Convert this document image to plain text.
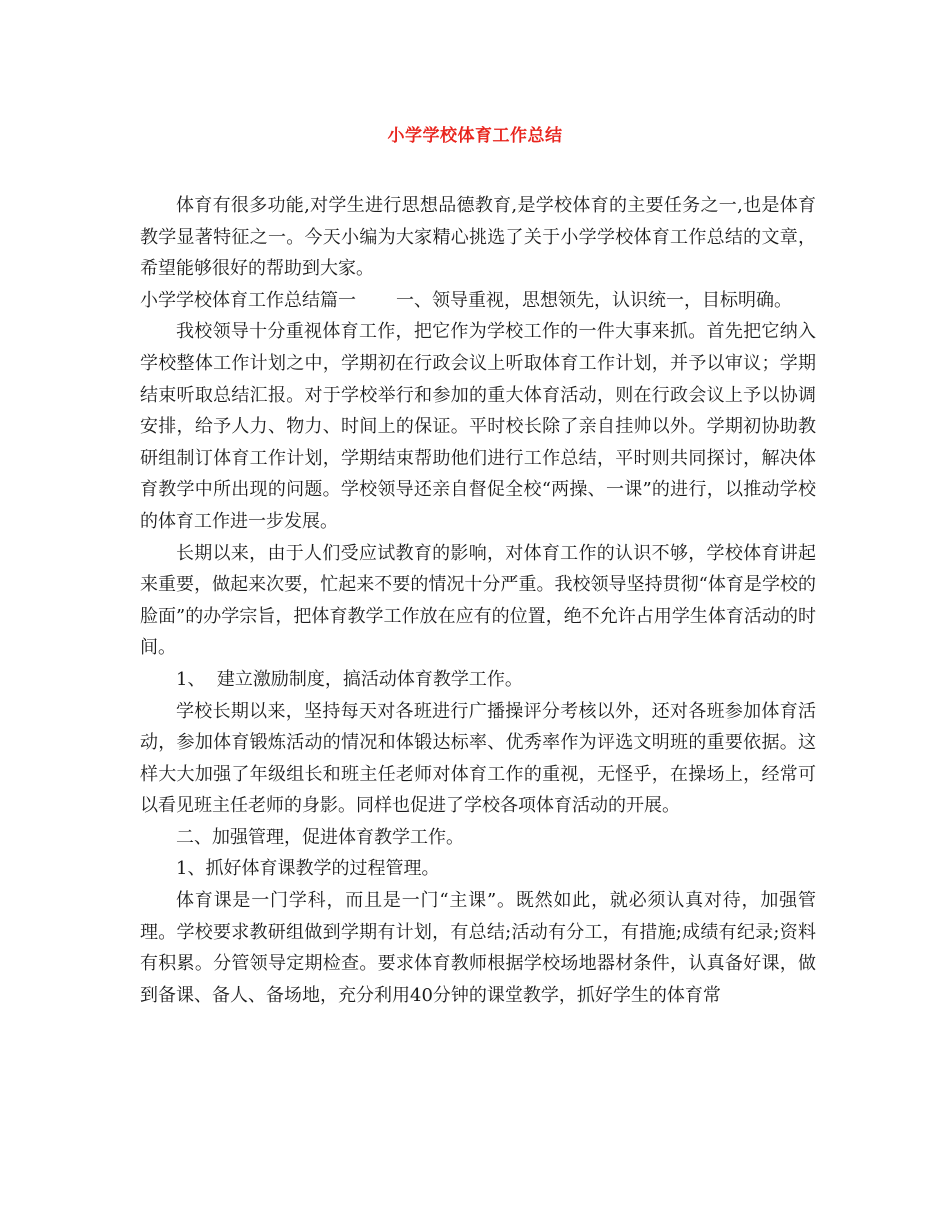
小学学校体育工作总结

体育有很多功能,对学生进行思想品德教育,是学校体育的主要任务之一,也是体育教学显著特征之一。今天小编为大家精心挑选了关于小学学校体育工作总结的文章，希望能够很好的帮助到大家。

小学学校体育工作总结篇一 一、领导重视，思想领先，认识统一，目标明确。

我校领导十分重视体育工作，把它作为学校工作的一件大事来抓。首先把它纳入学校整体工作计划之中，学期初在行政会议上听取体育工作计划，并予以审议；学期结束听取总结汇报。对于学校举行和参加的重大体育活动，则在行政会议上予以协调安排，给予人力、物力、时间上的保证。平时校长除了亲自挂帅以外。学期初协助教研组制订体育工作计划，学期结束帮助他们进行工作总结，平时则共同探讨，解决体育教学中所出现的问题。学校领导还亲自督促全校“两操、一课”的进行，以推动学校的体育工作进一步发展。

长期以来，由于人们受应试教育的影响，对体育工作的认识不够，学校体育讲起来重要，做起来次要，忙起来不要的情况十分严重。我校领导坚持贯彻“体育是学校的脸面”的办学宗旨，把体育教学工作放在应有的位置，绝不允许占用学生体育活动的时间。

1、  建立激励制度，搞活动体育教学工作。

学校长期以来，坚持每天对各班进行广播操评分考核以外，还对各班参加体育活动，参加体育锻炼活动的情况和体锻达标率、优秀率作为评选文明班的重要依据。这样大大加强了年级组长和班主任老师对体育工作的重视，无怪乎，在操场上，经常可以看见班主任老师的身影。同样也促进了学校各项体育活动的开展。

二、加强管理，促进体育教学工作。

1、抓好体育课教学的过程管理。

体育课是一门学科，而且是一门“主课”。既然如此，就必须认真对待，加强管理。学校要求教研组做到学期有计划，有总结;活动有分工，有措施;成绩有纪录;资料有积累。分管领导定期检查。要求体育教师根据学校场地器材条件，认真备好课，做到备课、备人、备场地，充分利用40分钟的课堂教学，抓好学生的体育常
